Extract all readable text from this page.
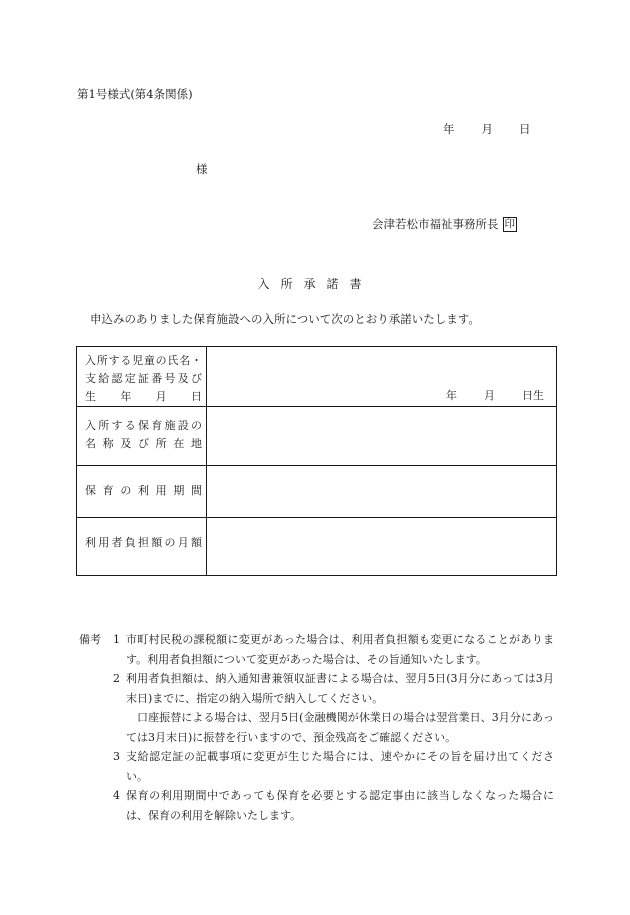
第1号様式(第4条関係)
年 月 日
様
会津若松市福祉事務所長 印
入所承諾書
申込みのありました保育施設への入所について次のとおり承諾いたします。
入所する児童の氏名・
支給認定証番号及び
生　年　月　日	年 月 日生

入所する保育施設の
名称及び所在地	

保育の利用期間	

利用者負担額の月額	

備考 1 市町村民税の課税額に変更があった場合は、利用者負担額も変更になることがあります。利用者負担額について変更があった場合は、その旨通知いたします。
2 利用者負担額は、納入通知書兼領収証書による場合は、翌月5日(3月分にあっては3月末日)までに、指定の納入場所で納入してください。
口座振替による場合は、翌月5日(金融機関が休業日の場合は翌営業日、3月分にあっては3月末日)に振替を行いますので、預金残高をご確認ください。
3 支給認定証の記載事項に変更が生じた場合には、速やかにその旨を届け出てください。
4 保育の利用期間中であっても保育を必要とする認定事由に該当しなくなった場合には、保育の利用を解除いたします。
